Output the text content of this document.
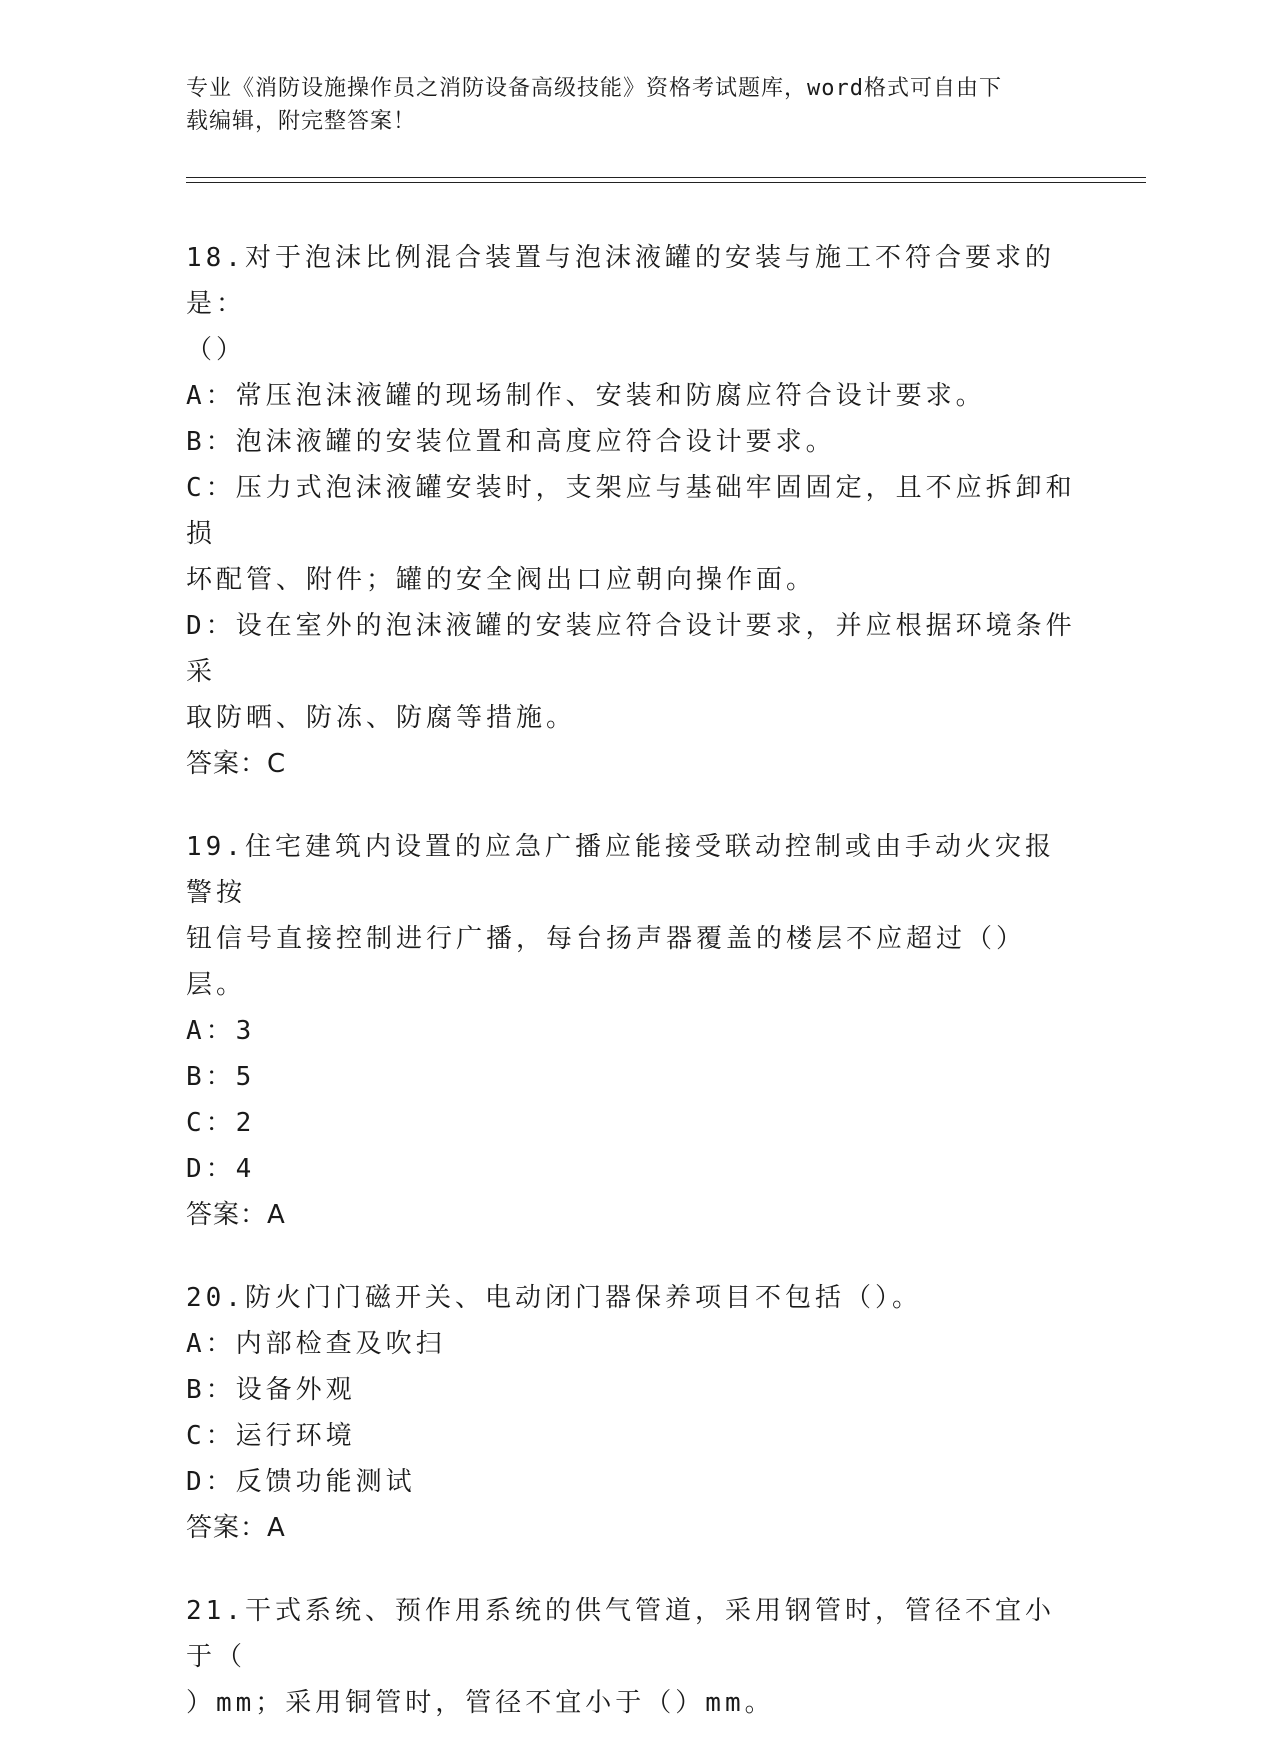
专业《消防设施操作员之消防设备高级技能》资格考试题库，word格式可自由下
载编辑，附完整答案！

18.对于泡沫比例混合装置与泡沫液罐的安装与施工不符合要求的是：

（）

A：常压泡沫液罐的现场制作、安装和防腐应符合设计要求。

B：泡沫液罐的安装位置和高度应符合设计要求。

C：压力式泡沫液罐安装时，支架应与基础牢固固定，且不应拆卸和损

坏配管、附件；罐的安全阀出口应朝向操作面。

D：设在室外的泡沫液罐的安装应符合设计要求，并应根据环境条件采

取防晒、防冻、防腐等措施。

答案：C

19.住宅建筑内设置的应急广播应能接受联动控制或由手动火灾报警按

钮信号直接控制进行广播，每台扬声器覆盖的楼层不应超过（）层。

A：3

B：5

C：2

D：4

答案：A

20.防火门门磁开关、电动闭门器保养项目不包括（）。

A：内部检查及吹扫

B：设备外观

C：运行环境

D：反馈功能测试

答案：A

21.干式系统、预作用系统的供气管道，采用钢管时，管径不宜小于（

）mm；采用铜管时，管径不宜小于（）mm。
